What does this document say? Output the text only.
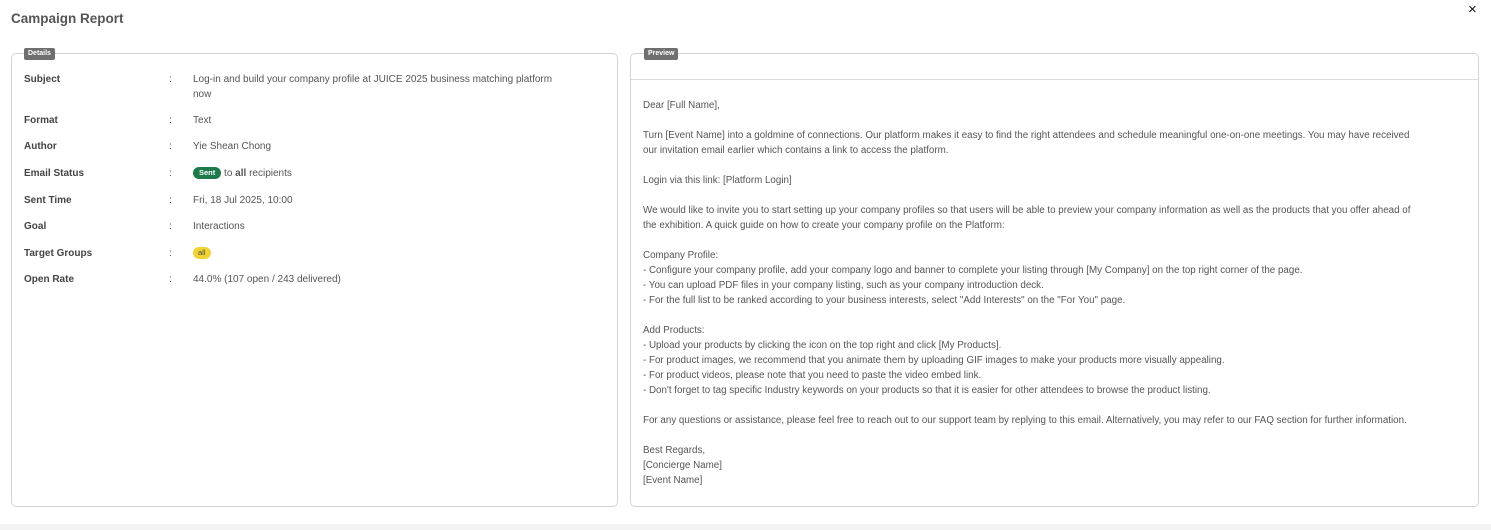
Campaign Report
×
Details
Subject	: Log-in and build your company profile at JUICE 2025 business matching platform
now
Format	: Text
Author	: Yie Shean Chong
Email Status	:	Sent to all recipients
Sent Time	: Fri, 18 Jul 2025, 10:00
Goal	: Interactions
Target Groups	:	all
Open Rate	: 44.0% (107 open / 243 delivered)
Preview
Dear [Full Name],
Turn [Event Name] into a goldmine of connections. Our platform makes it easy to find the right attendees and schedule meaningful one-on-one meetings. You may have received
our invitation email earlier which contains a link to access the platform.
Login via this link: [Platform Login]
We would like to invite you to start setting up your company profiles so that users will be able to preview your company information as well as the products that you offer ahead of
the exhibition. A quick guide on how to create your company profile on the Platform:
Company Profile:
- Configure your company profile, add your company logo and banner to complete your listing through [My Company] on the top right corner of the page.
- You can upload PDF files in your company listing, such as your company introduction deck.
- For the full list to be ranked according to your business interests, select "Add Interests" on the "For You" page.
Add Products:
- Upload your products by clicking the icon on the top right and click [My Products].
- For product images, we recommend that you animate them by uploading GIF images to make your products more visually appealing.
- For product videos, please note that you need to paste the video embed link.
- Don't forget to tag specific Industry keywords on your products so that it is easier for other attendees to browse the product listing.
For any questions or assistance, please feel free to reach out to our support team by replying to this email. Alternatively, you may refer to our FAQ section for further information.
Best Regards,
[Concierge Name]
[Event Name]
